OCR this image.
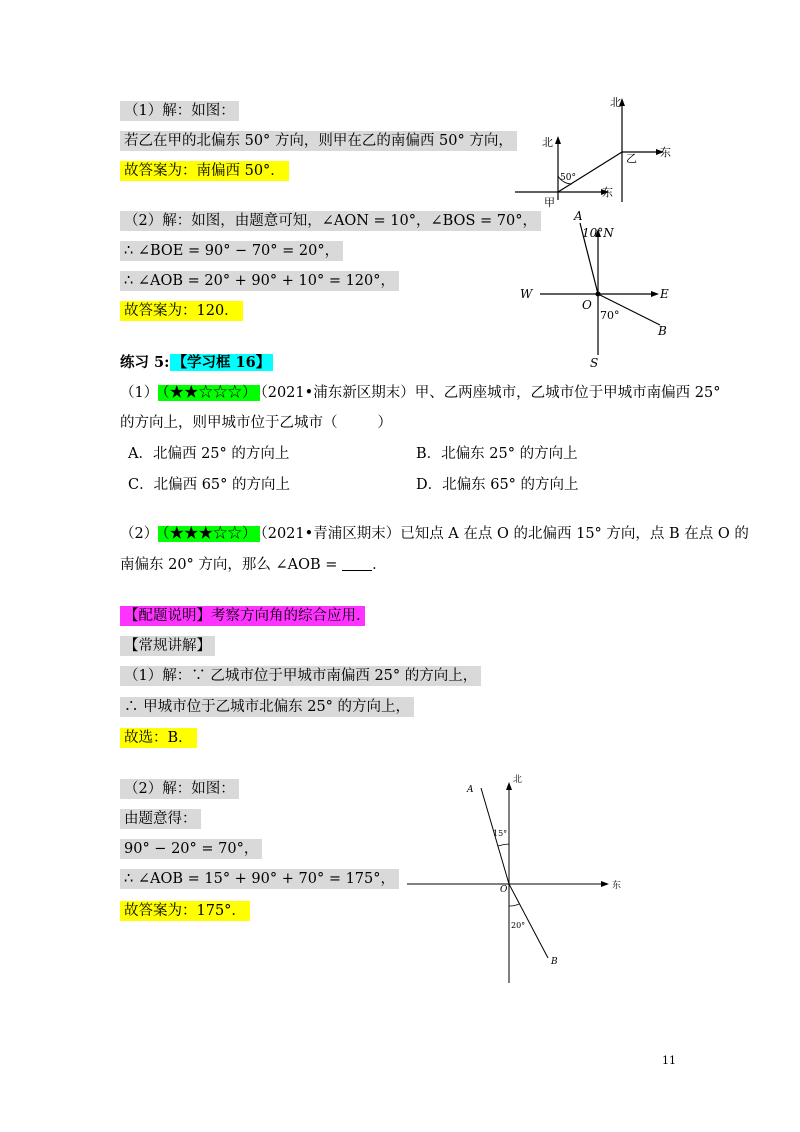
（1）解：如图：
若乙在甲的北偏东 50° 方向，则甲在乙的南偏西 50° 方向，
故答案为：南偏西 50°．
北
东
北
东
乙
甲
50°
（2）解：如图，由题意可知，∠AON = 10°，∠BOS = 70°，
∴ ∠BOE = 90° − 70° = 20°，
∴ ∠AOB = 20° + 90° + 10° = 120°，
故答案为：120．
A
10°N
W	E
O
70°
B
S
练习 5: 【学习框 16】
（1） （★★☆☆☆） （2021•浦东新区期末）甲、乙两座城市，乙城市位于甲城市南偏西 25°
的方向上，则甲城市位于乙城市（	）
A．北偏西 25° 的方向上	B．北偏东 25° 的方向上
C．北偏西 65° 的方向上	D．北偏东 65° 的方向上
（2） （★★★☆☆） （2021•青浦区期末）已知点 A 在点 O 的北偏西 15° 方向，点 B 在点 O 的
南偏东 20° 方向，那么 ∠AOB = ．
【配题说明】考察方向角的综合应用.
【常规讲解】
（1）解：∵ 乙城市位于甲城市南偏西 25° 的方向上，
∴ 甲城市位于乙城市北偏东 25° 的方向上，
故选：B．
（2）解：如图：
由题意得：
90° − 20° = 70°，
∴ ∠AOB = 15° + 90° + 70° = 175°，
故答案为：175°．
北
东
A
O
B
15°
20°
11
